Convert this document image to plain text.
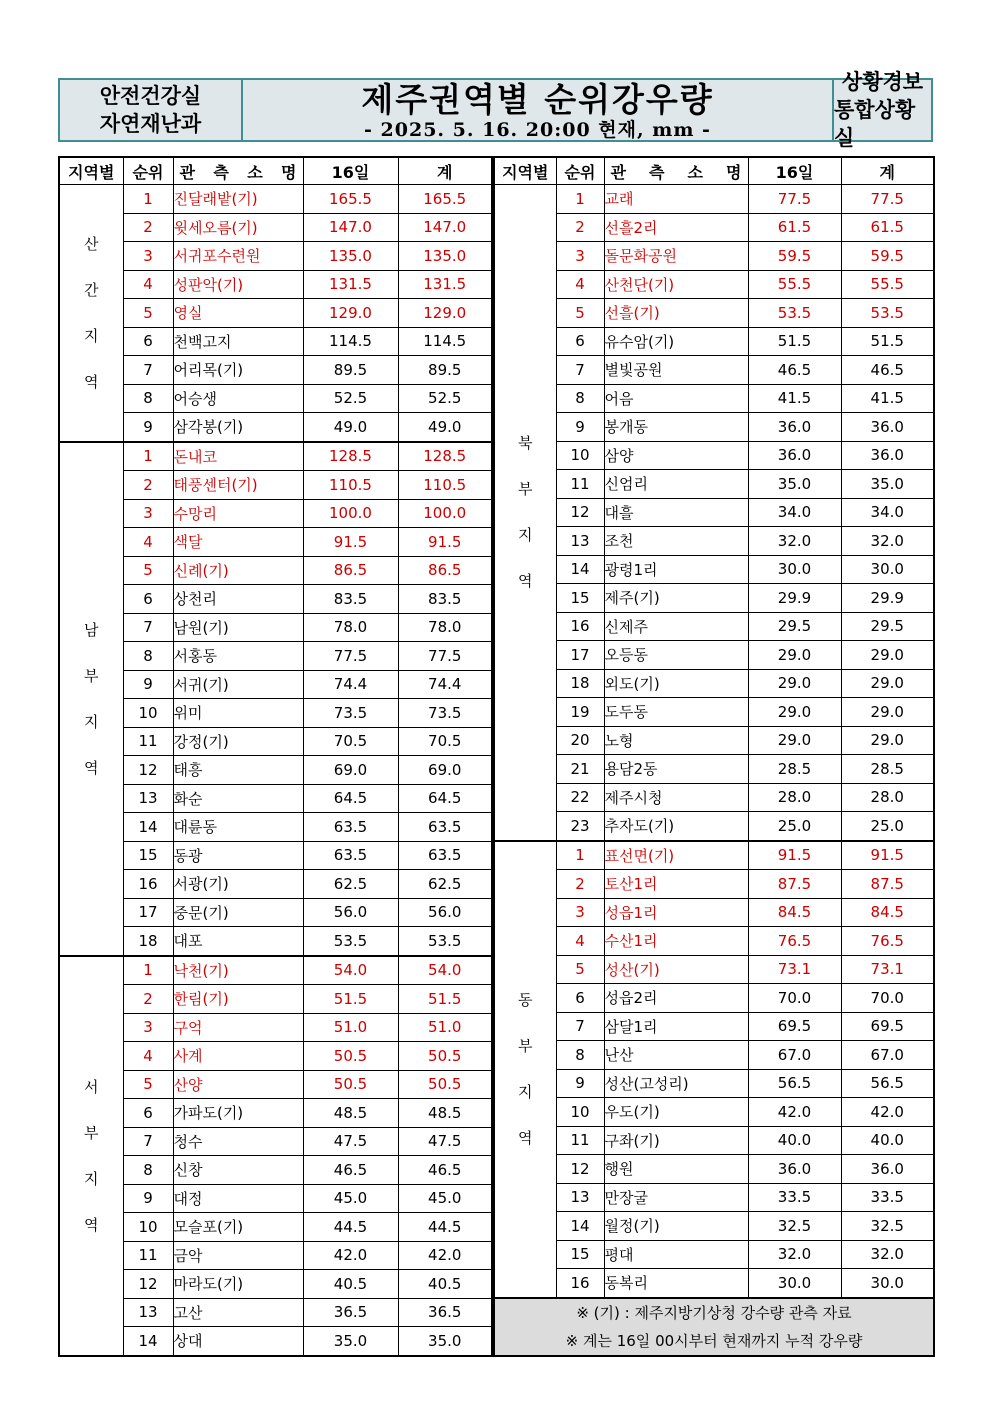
안전건강실
자연재난과
제주권역별 순위강우량
- 2025. 5. 16. 20:00 현재, mm -
상황경보
통합상황실
지역별	순위	관 측 소 명	16일	계

산
간
지
역	1	진달래밭(기)	165.5	165.5
	2	윗세오름(기)	147.0	147.0
	3	서귀포수련원	135.0	135.0
	4	성판악(기)	131.5	131.5
	5	영실	129.0	129.0
	6	천백고지	114.5	114.5
	7	어리목(기)	89.5	89.5
	8	어승생	52.5	52.5
	9	삼각봉(기)	49.0	49.0

남
부
지
역	1	돈내코	128.5	128.5
	2	태풍센터(기)	110.5	110.5
	3	수망리	100.0	100.0
	4	색달	91.5	91.5
	5	신례(기)	86.5	86.5
	6	상천리	83.5	83.5
	7	남원(기)	78.0	78.0
	8	서홍동	77.5	77.5
	9	서귀(기)	74.4	74.4
	10	위미	73.5	73.5
	11	강정(기)	70.5	70.5
	12	태흥	69.0	69.0
	13	화순	64.5	64.5
	14	대륜동	63.5	63.5
	15	동광	63.5	63.5
	16	서광(기)	62.5	62.5
	17	중문(기)	56.0	56.0
	18	대포	53.5	53.5

서
부
지
역	1	낙천(기)	54.0	54.0
	2	한림(기)	51.5	51.5
	3	구억	51.0	51.0
	4	사계	50.5	50.5
	5	산양	50.5	50.5
	6	가파도(기)	48.5	48.5
	7	청수	47.5	47.5
	8	신창	46.5	46.5
	9	대정	45.0	45.0
	10	모슬포(기)	44.5	44.5
	11	금악	42.0	42.0
	12	마라도(기)	40.5	40.5
	13	고산	36.5	36.5
	14	상대	35.0	35.0
지역별	순위	관 측 소 명	16일	계

북
부
지
역	1	교래	77.5	77.5
	2	선흘2리	61.5	61.5
	3	돌문화공원	59.5	59.5
	4	산천단(기)	55.5	55.5
	5	선흘(기)	53.5	53.5
	6	유수암(기)	51.5	51.5
	7	별빛공원	46.5	46.5
	8	어음	41.5	41.5
	9	봉개동	36.0	36.0
	10	삼양	36.0	36.0
	11	신엄리	35.0	35.0
	12	대흘	34.0	34.0
	13	조천	32.0	32.0
	14	광령1리	30.0	30.0
	15	제주(기)	29.9	29.9
	16	신제주	29.5	29.5
	17	오등동	29.0	29.0
	18	외도(기)	29.0	29.0
	19	도두동	29.0	29.0
	20	노형	29.0	29.0
	21	용담2동	28.5	28.5
	22	제주시청	28.0	28.0
	23	추자도(기)	25.0	25.0

동
부
지
역	1	표선면(기)	91.5	91.5
	2	토산1리	87.5	87.5
	3	성읍1리	84.5	84.5
	4	수산1리	76.5	76.5
	5	성산(기)	73.1	73.1
	6	성읍2리	70.0	70.0
	7	삼달1리	69.5	69.5
	8	난산	67.0	67.0
	9	성산(고성리)	56.5	56.5
	10	우도(기)	42.0	42.0
	11	구좌(기)	40.0	40.0
	12	행원	36.0	36.0
	13	만장굴	33.5	33.5
	14	월정(기)	32.5	32.5
	15	평대	32.0	32.0
	16	동복리	30.0	30.0
※ (기) : 제주지방기상청 강수량 관측 자료				
※ 계는 16일 00시부터 현재까지 누적 강우량				
